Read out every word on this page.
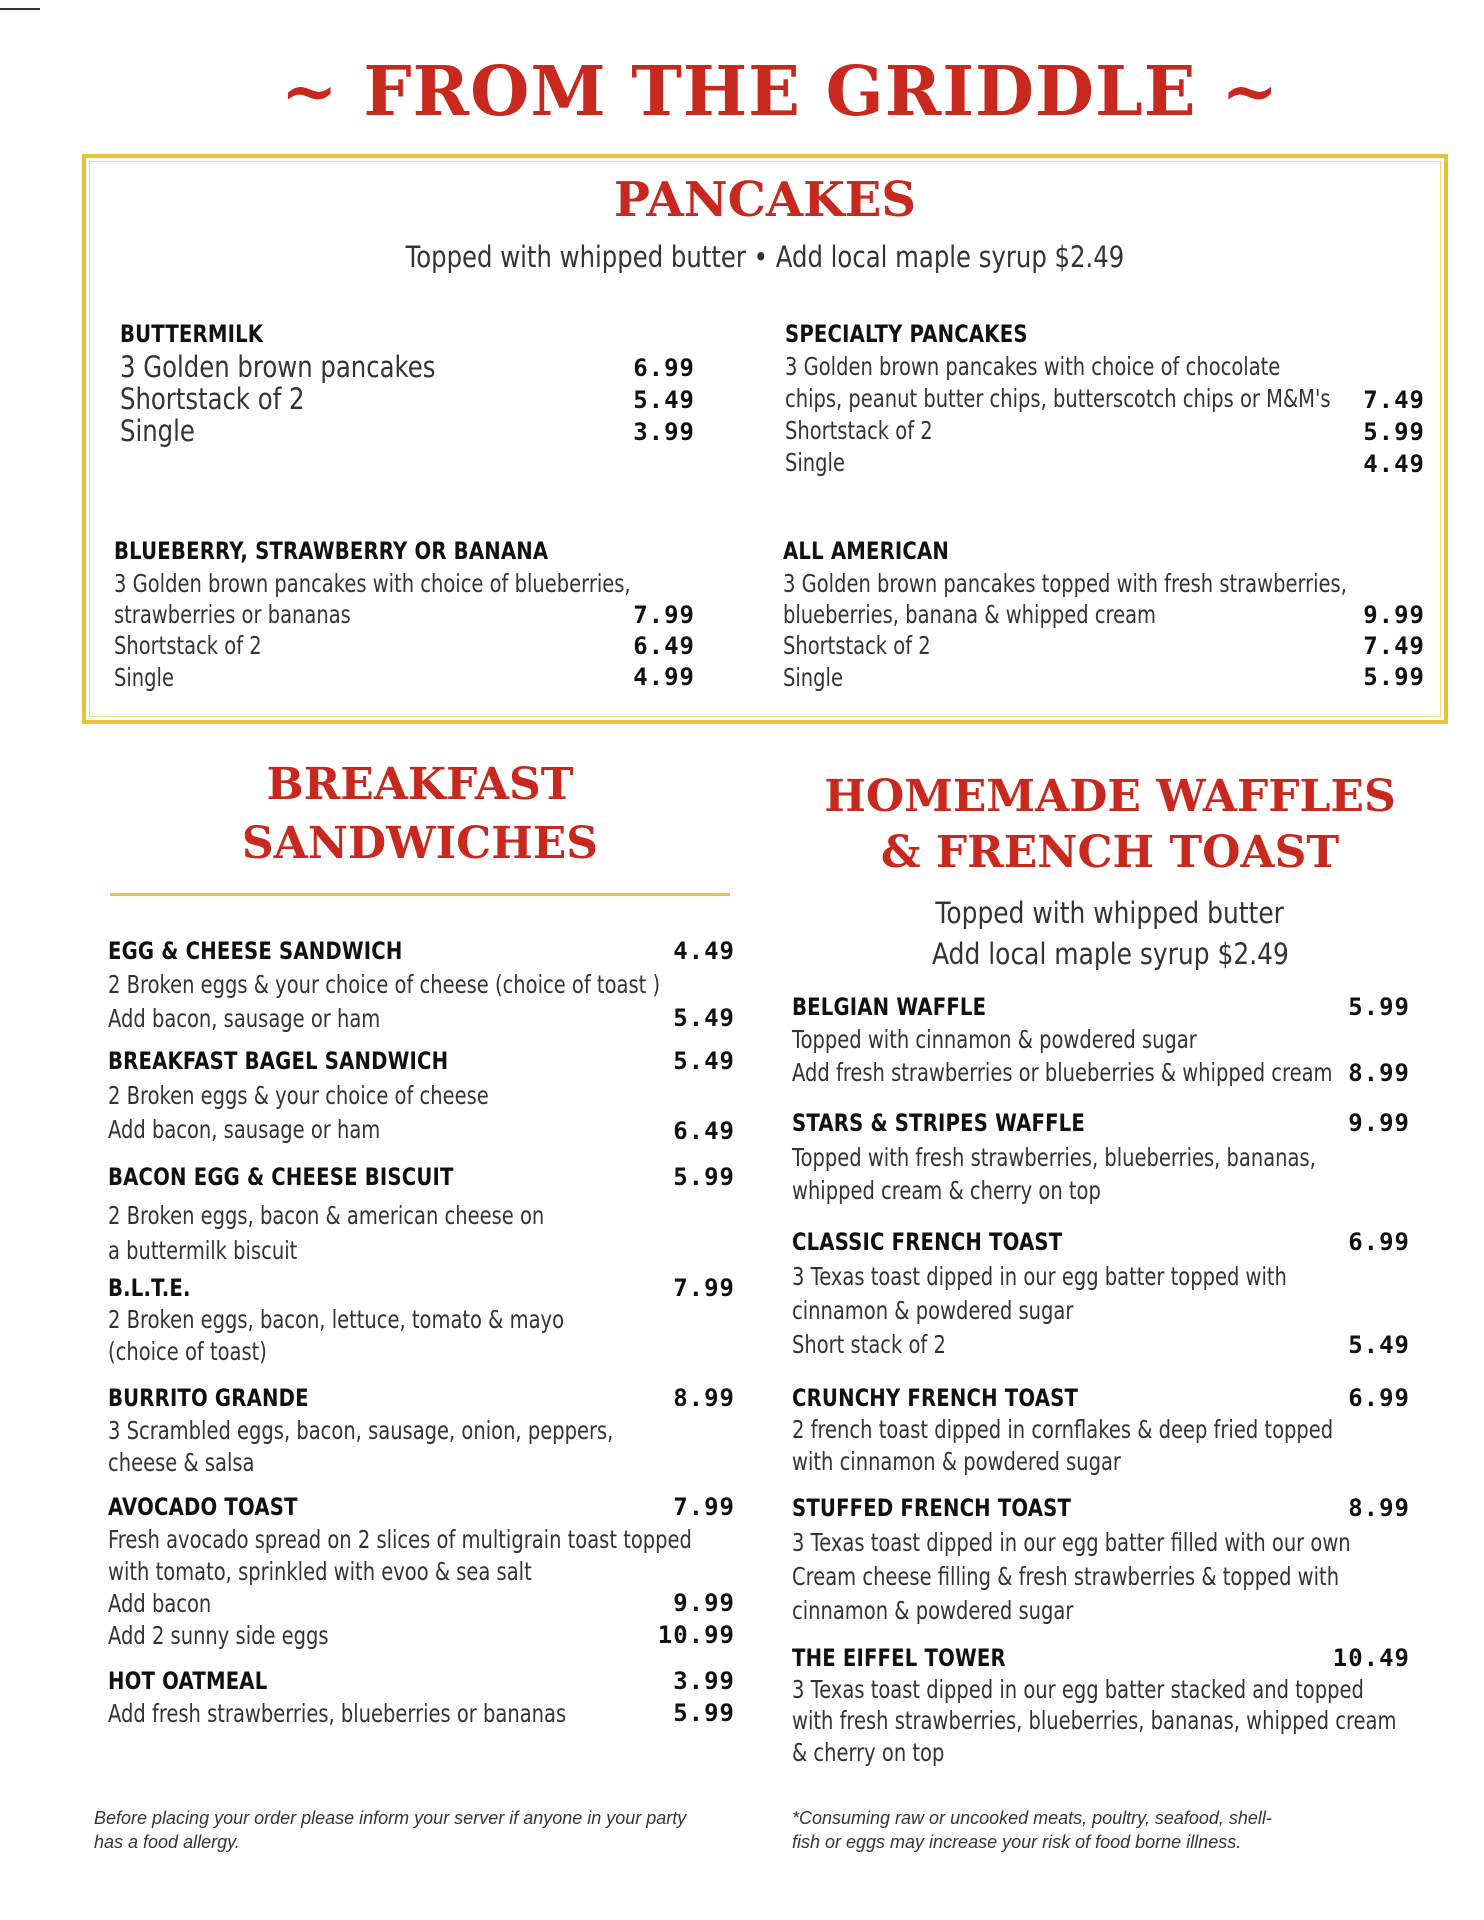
~ FROM THE GRIDDLE ~
PANCAKES
Topped with whipped butter • Add local maple syrup $2.49
BUTTERMILK
3 Golden brown pancakes	6.99
Shortstack of 2	5.49
Single	3.99
SPECIALTY PANCAKES
3 Golden brown pancakes with choice of chocolate
chips, peanut butter chips, butterscotch chips or M&M's	7.49
Shortstack of 2	5.99
Single	4.49
BLUEBERRY, STRAWBERRY OR BANANA
3 Golden brown pancakes with choice of blueberries,
strawberries or bananas	7.99
Shortstack of 2	6.49
Single	4.99
ALL AMERICAN
3 Golden brown pancakes topped with fresh strawberries,
blueberries, banana & whipped cream	9.99
Shortstack of 2	7.49
Single	5.99
BREAKFAST
SANDWICHES
EGG & CHEESE SANDWICH	4.49
2 Broken eggs & your choice of cheese (choice of toast )
Add bacon, sausage or ham	5.49
BREAKFAST BAGEL SANDWICH	5.49
2 Broken eggs & your choice of cheese
Add bacon, sausage or ham	6.49
BACON EGG & CHEESE BISCUIT	5.99
2 Broken eggs, bacon & american cheese on
a buttermilk biscuit
B.L.T.E.	7.99
2 Broken eggs, bacon, lettuce, tomato & mayo
(choice of toast)
BURRITO GRANDE	8.99
3 Scrambled eggs, bacon, sausage, onion, peppers,
cheese & salsa
AVOCADO TOAST	7.99
Fresh avocado spread on 2 slices of multigrain toast topped
with tomato, sprinkled with evoo & sea salt
Add bacon	9.99
Add 2 sunny side eggs	10.99
HOT OATMEAL	3.99
Add fresh strawberries, blueberries or bananas	5.99
HOMEMADE WAFFLES
& FRENCH TOAST
Topped with whipped butter
Add local maple syrup $2.49
BELGIAN WAFFLE	5.99
Topped with cinnamon & powdered sugar
Add fresh strawberries or blueberries & whipped cream 8.99
STARS & STRIPES WAFFLE	9.99
Topped with fresh strawberries, blueberries, bananas,
whipped cream & cherry on top
CLASSIC FRENCH TOAST	6.99
3 Texas toast dipped in our egg batter topped with
cinnamon & powdered sugar
Short stack of 2	5.49
CRUNCHY FRENCH TOAST	6.99
2 french toast dipped in cornflakes & deep fried topped
with cinnamon & powdered sugar
STUFFED FRENCH TOAST	8.99
3 Texas toast dipped in our egg batter filled with our own
Cream cheese filling & fresh strawberries & topped with
cinnamon & powdered sugar
THE EIFFEL TOWER	10.49
3 Texas toast dipped in our egg batter stacked and topped
with fresh strawberries, blueberries, bananas, whipped cream
& cherry on top
Before placing your order please inform your server if anyone in your party
has a food allergy.
*Consuming raw or uncooked meats, poultry, seafood, shell-
fish or eggs may increase your risk of food borne illness.
